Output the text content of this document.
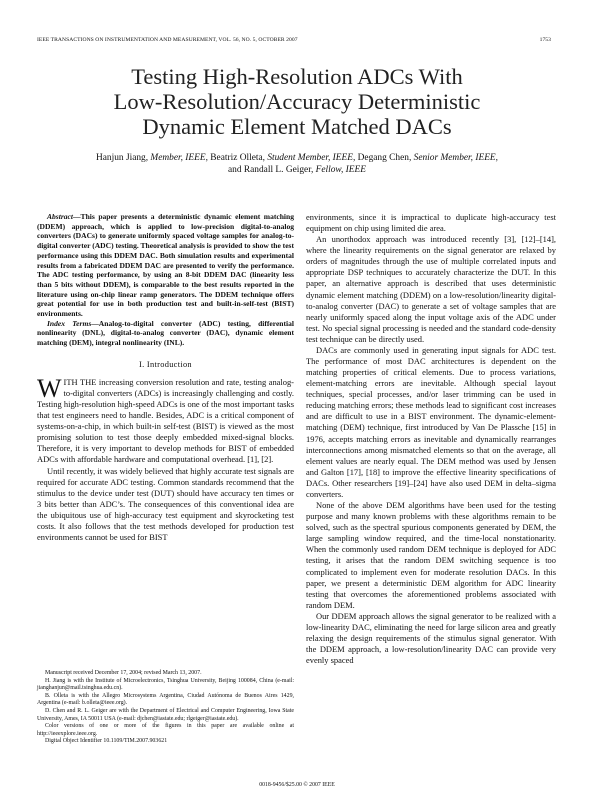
IEEE TRANSACTIONS ON INSTRUMENTATION AND MEASUREMENT, VOL. 56, NO. 5, OCTOBER 2007	1753
Testing High-Resolution ADCs With
Low-Resolution/Accuracy Deterministic
Dynamic Element Matched DACs
Hanjun Jiang, Member, IEEE, Beatriz Olleta, Student Member, IEEE, Degang Chen, Senior Member, IEEE,
and Randall L. Geiger, Fellow, IEEE

Abstract—This paper presents a deterministic dynamic element matching (DDEM) approach, which is applied to low-precision digital-to-analog converters (DACs) to generate uniformly spaced voltage samples for analog-to-digital converter (ADC) testing. Theoretical analysis is provided to show the test performance using this DDEM DAC. Both simulation results and experimental results from a fabricated DDEM DAC are presented to verify the performance. The ADC testing performance, by using an 8-bit DDEM DAC (linearity less than 5 bits without DDEM), is comparable to the best results reported in the literature using on-chip linear ramp generators. The DDEM technique offers great potential for use in both production test and built-in-self-test (BIST) environments.

Index Terms—Analog-to-digital converter (ADC) testing, differential nonlinearity (DNL), digital-to-analog converter (DAC), dynamic element matching (DEM), integral nonlinearity (INL).

I. Introduction

WITH THE increasing conversion resolution and rate, testing analog-to-digital converters (ADCs) is increasingly challenging and costly. Testing high-resolution high-speed ADCs is one of the most important tasks that test engineers need to handle. Besides, ADC is a critical component of systems-on-a-chip, in which built-in self-test (BIST) is viewed as the most promising solution to test those deeply embedded mixed-signal blocks. Therefore, it is very important to develop methods for BIST of embedded ADCs with affordable hardware and computational overhead. [1], [2].

Until recently, it was widely believed that highly accurate test signals are required for accurate ADC testing. Common standards recommend that the stimulus to the device under test (DUT) should have accuracy ten times or 3 bits better than ADC’s. The consequences of this conventional idea are the ubiquitous use of high-accuracy test equipment and skyrocketing test costs. It also follows that the test methods developed for production test environments cannot be used for BIST

Manuscript received December 17, 2004; revised March 13, 2007.

H. Jiang is with the Institute of Microelectronics, Tsinghua University, Beijing 100084, China (e-mail: jianghanjun@mail.tsinghua.edu.cn).

B. Olleta is with the Allegro Microsystems Argentina, Ciudad Autónoma de Buenos Aires 1429, Argentina (e-mail: b.olleta@ieee.org).

D. Chen and R. L. Geiger are with the Department of Electrical and Computer Engineering, Iowa State University, Ames, IA 50011 USA (e-mail: djchen@iastate.edu; rlgeiger@iastate.edu).

Color versions of one or more of the figures in this paper are available online at http://ieeexplore.ieee.org.

Digital Object Identifier 10.1109/TIM.2007.903621

environments, since it is impractical to duplicate high-accuracy test equipment on chip using limited die area.

An unorthodox approach was introduced recently [3], [12]–[14], where the linearity requirements on the signal generator are relaxed by orders of magnitudes through the use of multiple correlated inputs and appropriate DSP techniques to accurately characterize the DUT. In this paper, an alternative approach is described that uses deterministic dynamic element matching (DDEM) on a low-resolution/linearity digital-to-analog converter (DAC) to generate a set of voltage samples that are nearly uniformly spaced along the input voltage axis of the ADC under test. No special signal processing is needed and the standard code-density test technique can be directly used.

DACs are commonly used in generating input signals for ADC test. The performance of most DAC architectures is dependent on the matching properties of critical elements. Due to process variations, element-matching errors are inevitable. Although special layout techniques, special processes, and/or laser trimming can be used in reducing matching errors; these methods lead to significant cost increases and are difficult to use in a BIST environment. The dynamic-element-matching (DEM) technique, first introduced by Van De Plassche [15] in 1976, accepts matching errors as inevitable and dynamically rearranges interconnections among mismatched elements so that on the average, all element values are nearly equal. The DEM method was used by Jensen and Galton [17], [18] to improve the effective linearity specifications of DACs. Other researchers [19]–[24] have also used DEM in delta–sigma converters.

None of the above DEM algorithms have been used for the testing purpose and many known problems with these algorithms remain to be solved, such as the spectral spurious components generated by DEM, the large sampling window required, and the time-local nonstationarity. When the commonly used random DEM technique is deployed for ADC testing, it arises that the random DEM switching sequence is too complicated to implement even for moderate resolution DACs. In this paper, we present a deterministic DEM algorithm for ADC linearity testing that overcomes the aforementioned problems associated with random DEM.

Our DDEM approach allows the signal generator to be realized with a low-linearity DAC, eliminating the need for large silicon area and greatly relaxing the design requirements of the stimulus signal generator. With the DDEM approach, a low-resolution/linearity DAC can provide very evenly spaced

0018-9456/$25.00 © 2007 IEEE
